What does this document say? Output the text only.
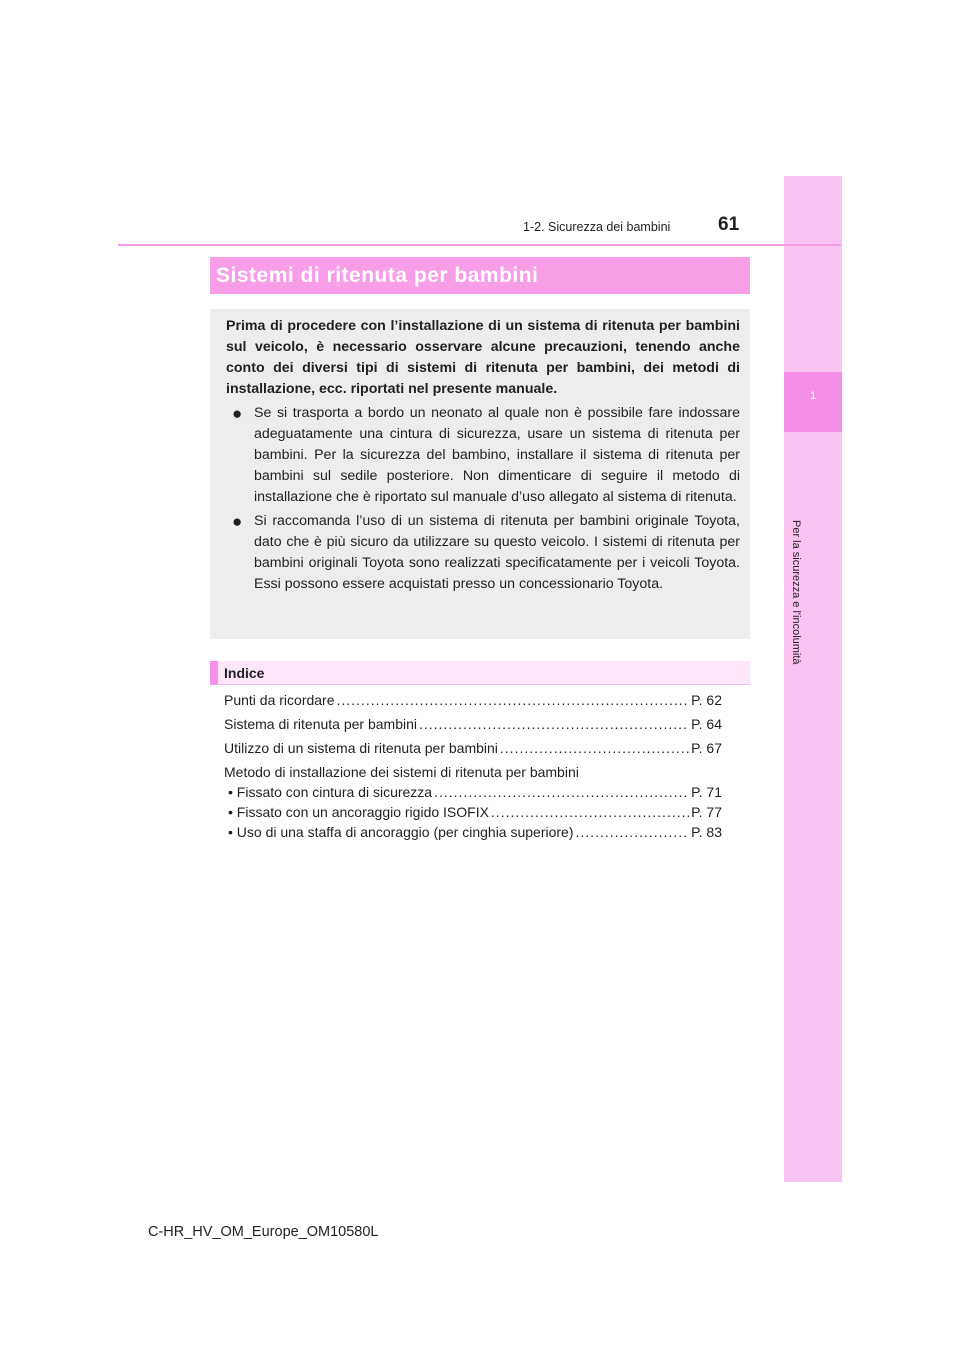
1
Per la sicurezza e l'incolumità
1-2. Sicurezza dei bambini	61
Sistemi di ritenuta per bambini

Prima di procedere con l’installazione di un sistema di ritenuta per bambini sul veicolo, è necessario osservare alcune precauzioni, tenendo anche conto dei diversi tipi di sistemi di ritenuta per bambini, dei metodi di installazione, ecc. riportati nel presente manuale.

● Se si trasporta a bordo un neonato al quale non è possibile fare indossare adeguatamente una cintura di sicurezza, usare un sistema di ritenuta per bambini. Per la sicurezza del bambino, installare il sistema di ritenuta per bambini sul sedile posteriore. Non dimenticare di seguire il metodo di installazione che è riportato sul manuale d’uso allegato al sistema di ritenuta.

● Si raccomanda l’uso di un sistema di ritenuta per bambini originale Toyota, dato che è più sicuro da utilizzare su questo veicolo. I sistemi di ritenuta per bambini originali Toyota sono realizzati specificatamente per i veicoli Toyota. Essi possono essere acquistati presso un concessionario Toyota.

Indice
Punti da ricordare .....	P. 62
Sistema di ritenuta per bambini .....	P. 64
Utilizzo di un sistema di ritenuta per bambini .....	P. 67
Metodo di installazione dei sistemi di ritenuta per bambini
• Fissato con cintura di sicurezza .....	P. 71
• Fissato con un ancoraggio rigido ISOFIX .....	P. 77
• Uso di una staffa di ancoraggio (per cinghia superiore) .....	P. 83
C-HR_HV_OM_Europe_OM10580L
